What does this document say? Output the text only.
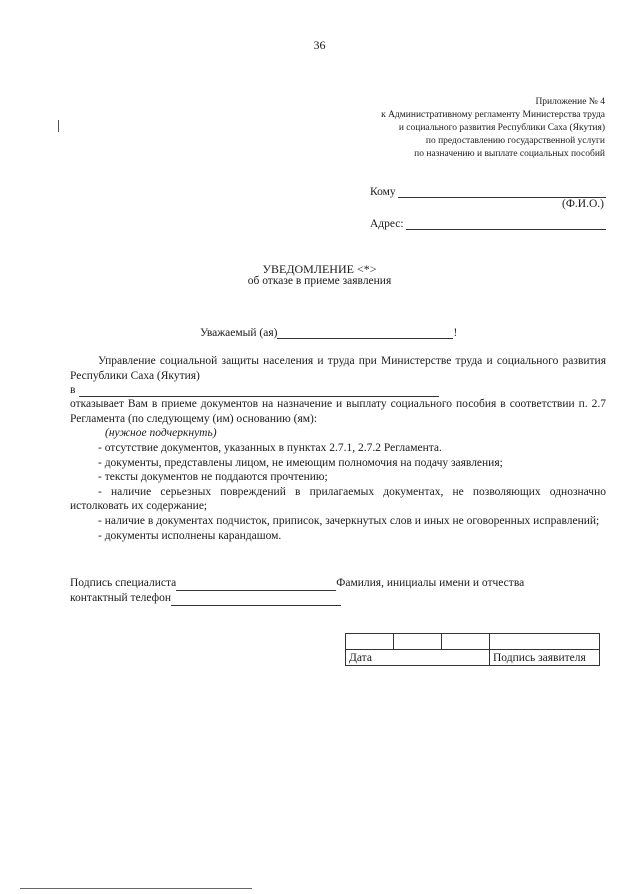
36
Приложение № 4
к Административному регламенту Министерства труда
и социального развития Республики Саха (Якутия)
по предоставлению государственной услуги
по назначению и выплате социальных пособий
Кому
(Ф.И.О.)
Адрес:
УВЕДОМЛЕНИЕ <*>
об отказе в приеме заявления
Уважаемый (ая)	!

Управление социальной защиты населения и труда при Министерстве труда и социального развития Республики Саха (Якутия)

в

отказывает Вам в приеме документов на назначение и выплату социального пособия в соответствии п. 2.7 Регламента (по следующему (им) основанию (ям):

(нужное подчеркнуть)

- отсутствие документов, указанных в пунктах 2.7.1, 2.7.2 Регламента.

- документы, представлены лицом, не имеющим полномочия на подачу заявления;

- тексты документов не поддаются прочтению;

- наличие серьезных повреждений в прилагаемых документах, не позволяющих однозначно истолковать их содержание;

- наличие в документах подчисток, приписок, зачеркнутых слов и иных не оговоренных исправлений;

- документы исполнены карандашом.

Подпись специалиста	Фамилия, инициалы имени и отчества
контактный телефон

Дата			Подпись заявителя
